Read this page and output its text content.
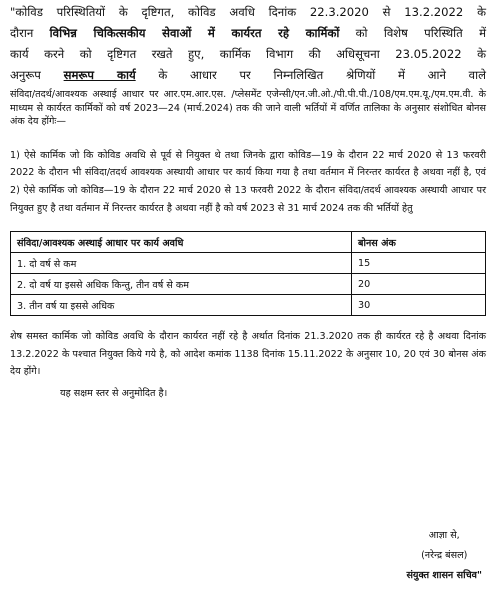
"कोविड परिस्थितियों के दृष्टिगत, कोविड अवधि दिनांक 22.3.2020 से 13.2.2022 के

दौरान विभिन्न चिकित्सकीय सेवाओं में कार्यरत रहे कार्मिकों को विशेष परिस्थिति में

कार्य करने को दृष्टिगत रखते हुए, कार्मिक विभाग की अधिसूचना 23.05.2022 के

अनुरूप समरूप कार्य के आधार पर निम्नलिखित श्रेणियों में आने वाले

संविदा/तदर्थ/आवश्यक अस्थाई आधार पर आर.एम.आर.एस. /प्लेसमेंट एजेन्सी/एन.जी.ओ./पी.पी.पी./108/एम.एम.यू./एम.एम.वी. के माध्यम से कार्यरत कार्मिकों को वर्ष 2023—24 (मार्च.2024) तक की जाने वाली भर्तियों में वर्णित तालिका के अनुसार संशोधित बोनस अंक देय होंगेः—

1) ऐसे कार्मिक जो कि कोविड अवधि से पूर्व से नियुक्त थे तथा जिनके द्वारा कोविड—19 के दौरान 22 मार्च 2020 से 13 फरवरी 2022 के दौरान भी संविदा/तदर्थ आवश्यक अस्थायी आधार पर कार्य किया गया है तथा वर्तमान में निरन्तर कार्यरत है अथवा नहीं है, एवं 2) ऐसे कार्मिक जो कोविड—19 के दौरान 22 मार्च 2020 से 13 फरवरी 2022 के दौरान संविदा/तदर्थ आवश्यक अस्थायी आधार पर नियुक्त हुए है तथा वर्तमान में निरन्तर कार्यरत है अथवा नहीं है को वर्ष 2023 से 31 मार्च 2024 तक की भर्तियों हेतु

संविदा/आवश्यक अस्थाई आधार पर कार्य अवधि	बोनस अंक
1. दो वर्ष से कम	15
2. दो वर्ष या इससे अधिक किन्तु, तीन वर्ष से कम	20
3. तीन वर्ष या इससे अधिक	30

शेष समस्त कार्मिक जो कोविड अवधि के दौरान कार्यरत नहीं रहे है अर्थात दिनांक 21.3.2020 तक ही कार्यरत रहे है अथवा दिनांक 13.2.2022 के पश्चात नियुक्त किये गये है, को आदेश कमांक 1138 दिनांक 15.11.2022 के अनुसार 10, 20 एवं 30 बोनस अंक देय होंगे।

यह सक्षम स्तर से अनुमोदित है।

आज्ञा से,
(नरेन्द्र बंसल)
संयुक्त शासन सचिव"
